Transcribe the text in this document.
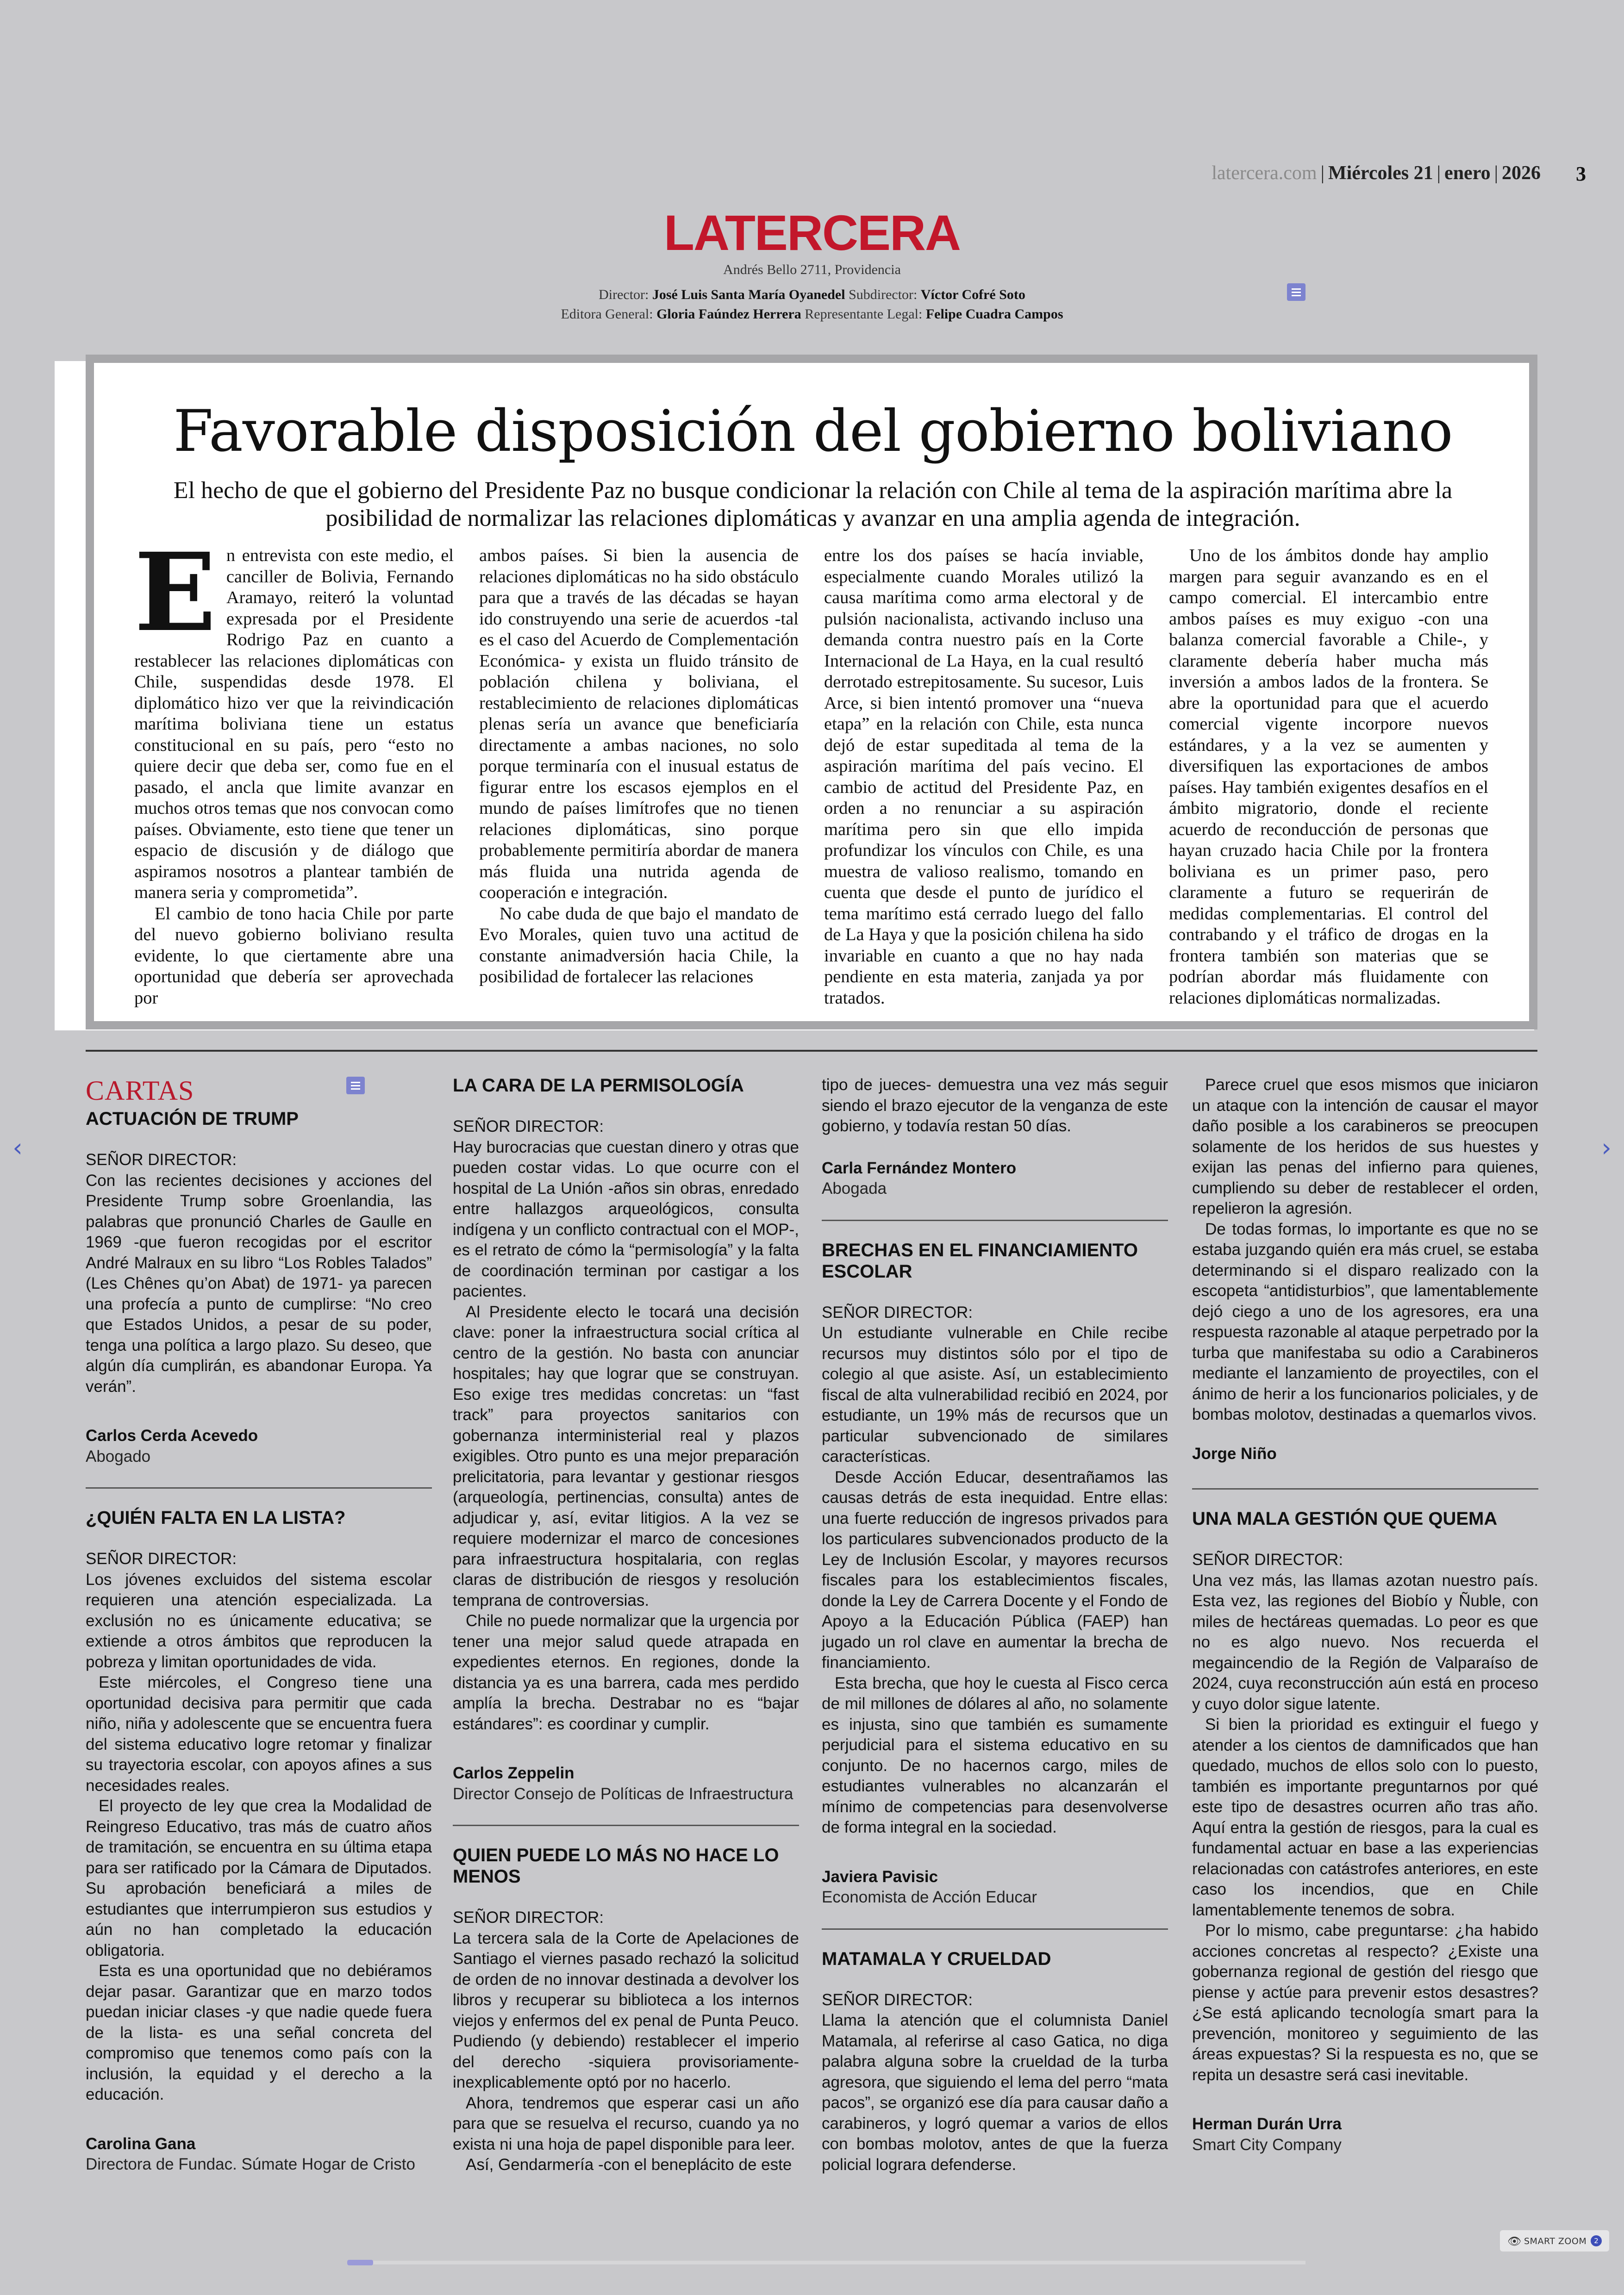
latercera.com | Miércoles 21 | enero | 2026 3
LATERCERA
Andrés Bello 2711, Providencia
Director: José Luis Santa María Oyanedel Subdirector: Víctor Cofré Soto
Editora General: Gloria Faúndez Herrera Representante Legal: Felipe Cuadra Campos
Favorable disposición del gobierno boliviano
El hecho de que el gobierno del Presidente Paz no busque condicionar la relación con Chile al tema de la aspiración marítima abre la posibilidad de normalizar las relaciones diplomáticas y avanzar en una amplia agenda de integración.

En entrevista con este medio, el canciller de Bolivia, Fernando Aramayo, reiteró la voluntad expresada por el Presidente Rodrigo Paz en cuanto a restablecer las relaciones diplomáticas con Chile, suspendidas desde 1978. El diplomático hizo ver que la reivindicación marítima boliviana tiene un estatus constitucional en su país, pero “esto no quiere decir que deba ser, como fue en el pasado, el ancla que limite avanzar en muchos otros temas que nos convocan como países. Obviamente, esto tiene que tener un espacio de discusión y de diálogo que aspiramos nosotros a plantear también de manera seria y comprometida”.

El cambio de tono hacia Chile por parte del nuevo gobierno boliviano resulta evidente, lo que ciertamente abre una oportunidad que debería ser aprovechada por

ambos países. Si bien la ausencia de relaciones diplomáticas no ha sido obstáculo para que a través de las décadas se hayan ido construyendo una serie de acuerdos -tal es el caso del Acuerdo de Complementación Económica- y exista un fluido tránsito de población chilena y boliviana, el restablecimiento de relaciones diplomáticas plenas sería un avance que beneficiaría directamente a ambas naciones, no solo porque terminaría con el inusual estatus de figurar entre los escasos ejemplos en el mundo de países limítrofes que no tienen relaciones diplomáticas, sino porque probablemente permitiría abordar de manera más fluida una nutrida agenda de cooperación e integración.

No cabe duda de que bajo el mandato de Evo Morales, quien tuvo una actitud de constante animadversión hacia Chile, la posibilidad de fortalecer las relaciones

entre los dos países se hacía inviable, especialmente cuando Morales utilizó la causa marítima como arma electoral y de pulsión nacionalista, activando incluso una demanda contra nuestro país en la Corte Internacional de La Haya, en la cual resultó derrotado estrepitosamente. Su sucesor, Luis Arce, si bien intentó promover una “nueva etapa” en la relación con Chile, esta nunca dejó de estar supeditada al tema de la aspiración marítima del país vecino. El cambio de actitud del Presidente Paz, en orden a no renunciar a su aspiración marítima pero sin que ello impida profundizar los vínculos con Chile, es una muestra de valioso realismo, tomando en cuenta que desde el punto de jurídico el tema marítimo está cerrado luego del fallo de La Haya y que la posición chilena ha sido invariable en cuanto a que no hay nada pendiente en esta materia, zanjada ya por tratados.

Uno de los ámbitos donde hay amplio margen para seguir avanzando es en el campo comercial. El intercambio entre ambos países es muy exiguo -con una balanza comercial favorable a Chile-, y claramente debería haber mucha más inversión a ambos lados de la frontera. Se abre la oportunidad para que el acuerdo comercial vigente incorpore nuevos estándares, y a la vez se aumenten y diversifiquen las exportaciones de ambos países. Hay también exigentes desafíos en el ámbito migratorio, donde el reciente acuerdo de reconducción de personas que hayan cruzado hacia Chile por la frontera boliviana es un primer paso, pero claramente a futuro se requerirán de medidas complementarias. El control del contrabando y el tráfico de drogas en la frontera también son materias que se podrían abordar más fluidamente con relaciones diplomáticas normalizadas.

CARTAS
ACTUACIÓN DE TRUMP

SEÑOR DIRECTOR:

Con las recientes decisiones y acciones del Presidente Trump sobre Groenlandia, las palabras que pronunció Charles de Gaulle en 1969 -que fueron recogidas por el escritor André Malraux en su libro “Los Robles Talados” (Les Chênes qu’on Abat) de 1971- ya parecen una profecía a punto de cumplirse: “No creo que Estados Unidos, a pesar de su poder, tenga una política a largo plazo. Su deseo, que algún día cumplirán, es abandonar Europa. Ya verán”.

Carlos Cerda Acevedo

Abogado

¿QUIÉN FALTA EN LA LISTA?

SEÑOR DIRECTOR:

Los jóvenes excluidos del sistema escolar requieren una atención especializada. La exclusión no es únicamente educativa; se extiende a otros ámbitos que reproducen la pobreza y limitan oportunidades de vida.

Este miércoles, el Congreso tiene una oportunidad decisiva para permitir que cada niño, niña y adolescente que se encuentra fuera del sistema educativo logre retomar y finalizar su trayectoria escolar, con apoyos afines a sus necesidades reales.

El proyecto de ley que crea la Modalidad de Reingreso Educativo, tras más de cuatro años de tramitación, se encuentra en su última etapa para ser ratificado por la Cámara de Diputados. Su aprobación beneficiará a miles de estudiantes que interrumpieron sus estudios y aún no han completado la educación obligatoria.

Esta es una oportunidad que no debiéramos dejar pasar. Garantizar que en marzo todos puedan iniciar clases -y que nadie quede fuera de la lista- es una señal concreta del compromiso que tenemos como país con la inclusión, la equidad y el derecho a la educación.

Carolina Gana

Directora de Fundac. Súmate Hogar de Cristo

LA CARA DE LA PERMISOLOGÍA

SEÑOR DIRECTOR:

Hay burocracias que cuestan dinero y otras que pueden costar vidas. Lo que ocurre con el hospital de La Unión -años sin obras, enredado entre hallazgos arqueológicos, consulta indígena y un conflicto contractual con el MOP-, es el retrato de cómo la “permisología” y la falta de coordinación terminan por castigar a los pacientes.

Al Presidente electo le tocará una decisión clave: poner la infraestructura social crítica al centro de la gestión. No basta con anunciar hospitales; hay que lograr que se construyan. Eso exige tres medidas concretas: un “fast track” para proyectos sanitarios con gobernanza interministerial real y plazos exigibles. Otro punto es una mejor preparación prelicitatoria, para levantar y gestionar riesgos (arqueología, pertinencias, consulta) antes de adjudicar y, así, evitar litigios. A la vez se requiere modernizar el marco de concesiones para infraestructura hospitalaria, con reglas claras de distribución de riesgos y resolución temprana de controversias.

Chile no puede normalizar que la urgencia por tener una mejor salud quede atrapada en expedientes eternos. En regiones, donde la distancia ya es una barrera, cada mes perdido amplía la brecha. Destrabar no es “bajar estándares”: es coordinar y cumplir.

Carlos Zeppelin

Director Consejo de Políticas de Infraestructura

QUIEN PUEDE LO MÁS NO HACE LO MENOS

SEÑOR DIRECTOR:

La tercera sala de la Corte de Apelaciones de Santiago el viernes pasado rechazó la solicitud de orden de no innovar destinada a devolver los libros y recuperar su biblioteca a los internos viejos y enfermos del ex penal de Punta Peuco. Pudiendo (y debiendo) restablecer el imperio del derecho -siquiera provisoriamente- inexplicablemente optó por no hacerlo.

Ahora, tendremos que esperar casi un año para que se resuelva el recurso, cuando ya no exista ni una hoja de papel disponible para leer.

Así, Gendarmería -con el beneplácito de este

tipo de jueces- demuestra una vez más seguir siendo el brazo ejecutor de la venganza de este gobierno, y todavía restan 50 días.

Carla Fernández Montero

Abogada

BRECHAS EN EL FINANCIAMIENTO ESCOLAR

SEÑOR DIRECTOR:

Un estudiante vulnerable en Chile recibe recursos muy distintos sólo por el tipo de colegio al que asiste. Así, un establecimiento fiscal de alta vulnerabilidad recibió en 2024, por estudiante, un 19% más de recursos que un particular subvencionado de similares características.

Desde Acción Educar, desentrañamos las causas detrás de esta inequidad. Entre ellas: una fuerte reducción de ingresos privados para los particulares subvencionados producto de la Ley de Inclusión Escolar, y mayores recursos fiscales para los establecimientos fiscales, donde la Ley de Carrera Docente y el Fondo de Apoyo a la Educación Pública (FAEP) han jugado un rol clave en aumentar la brecha de financiamiento.

Esta brecha, que hoy le cuesta al Fisco cerca de mil millones de dólares al año, no solamente es injusta, sino que también es sumamente perjudicial para el sistema educativo en su conjunto. De no hacernos cargo, miles de estudiantes vulnerables no alcanzarán el mínimo de competencias para desenvolverse de forma integral en la sociedad.

Javiera Pavisic

Economista de Acción Educar

MATAMALA Y CRUELDAD

SEÑOR DIRECTOR:

Llama la atención que el columnista Daniel Matamala, al referirse al caso Gatica, no diga palabra alguna sobre la crueldad de la turba agresora, que siguiendo el lema del perro “mata pacos”, se organizó ese día para causar daño a carabineros, y logró quemar a varios de ellos con bombas molotov, antes de que la fuerza policial lograra defenderse.

Parece cruel que esos mismos que iniciaron un ataque con la intención de causar el mayor daño posible a los carabineros se preocupen solamente de los heridos de sus huestes y exijan las penas del infierno para quienes, cumpliendo su deber de restablecer el orden, repelieron la agresión.

De todas formas, lo importante es que no se estaba juzgando quién era más cruel, se estaba determinando si el disparo realizado con la escopeta “antidisturbios”, que lamentablemente dejó ciego a uno de los agresores, era una respuesta razonable al ataque perpetrado por la turba que manifestaba su odio a Carabineros mediante el lanzamiento de proyectiles, con el ánimo de herir a los funcionarios policiales, y de bombas molotov, destinadas a quemarlos vivos.

Jorge Niño

UNA MALA GESTIÓN QUE QUEMA

SEÑOR DIRECTOR:

Una vez más, las llamas azotan nuestro país. Esta vez, las regiones del Biobío y Ñuble, con miles de hectáreas quemadas. Lo peor es que no es algo nuevo. Nos recuerda el megaincendio de la Región de Valparaíso de 2024, cuya reconstrucción aún está en proceso y cuyo dolor sigue latente.

Si bien la prioridad es extinguir el fuego y atender a los cientos de damnificados que han quedado, muchos de ellos solo con lo puesto, también es importante preguntarnos por qué este tipo de desastres ocurren año tras año. Aquí entra la gestión de riesgos, para la cual es fundamental actuar en base a las experiencias relacionadas con catástrofes anteriores, en este caso los incendios, que en Chile lamentablemente tenemos de sobra.

Por lo mismo, cabe preguntarse: ¿ha habido acciones concretas al respecto? ¿Existe una gobernanza regional de gestión del riesgo que piense y actúe para prevenir estos desastres? ¿Se está aplicando tecnología smart para la prevención, monitoreo y seguimiento de las áreas expuestas? Si la respuesta es no, que se repita un desastre será casi inevitable.

Herman Durán Urra

Smart City Company

‹	›
👁 SMART ZOOM	2
